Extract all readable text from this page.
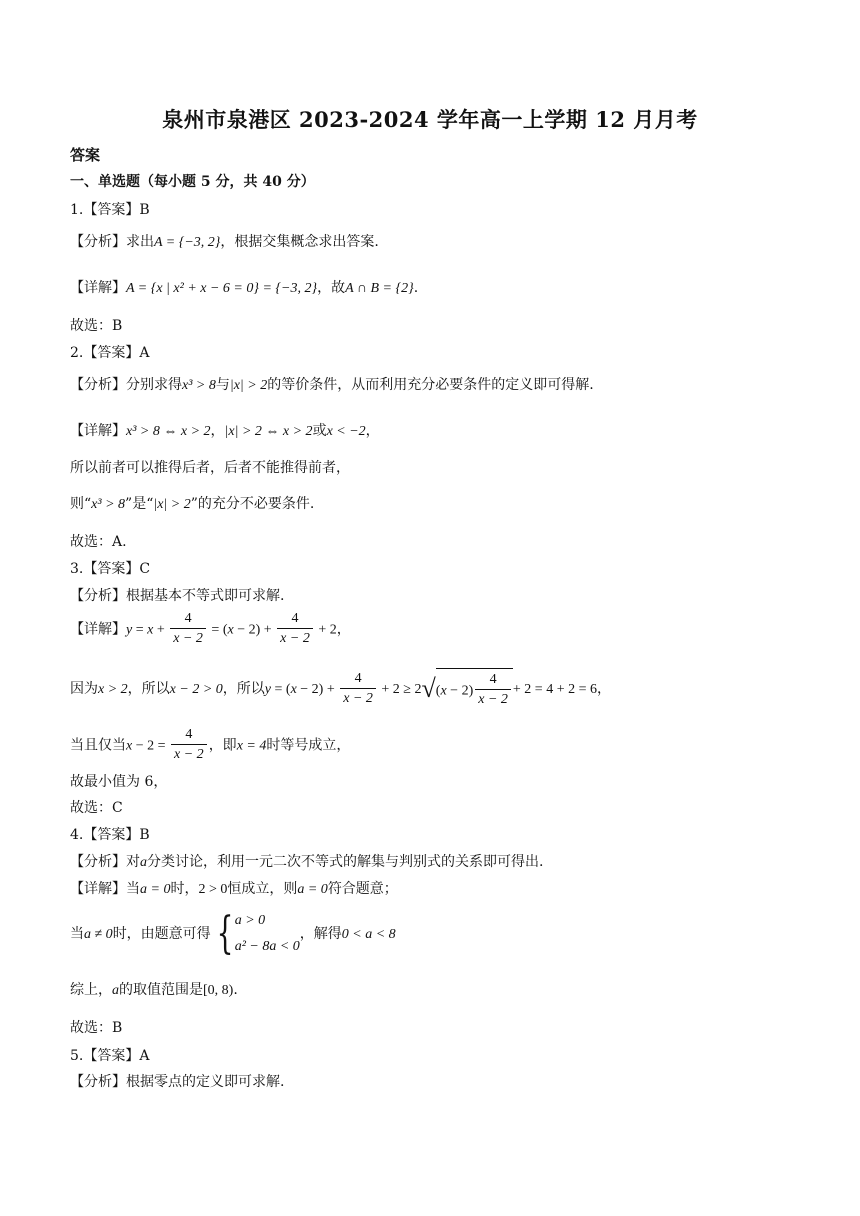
泉州市泉港区 2023-2024 学年高一上学期 12 月月考
答案
一、单选题（每小题 5 分，共 40 分）
1.【答案】B
【分析】求出A = {−3, 2}，根据交集概念求出答案.
【详解】A = {x | x² + x − 6 = 0} = {−3, 2}，故A ∩ B = {2}.
故选：B
2.【答案】A
【分析】分别求得x³ > 8与|x| > 2的等价条件，从而利用充分必要条件的定义即可得解.
【详解】x³ > 8 ⇔ x > 2，|x| > 2 ⇔ x > 2或x < −2，
所以前者可以推得后者，后者不能推得前者，
则“x³ > 8”是“|x| > 2”的充分不必要条件.
故选：A.
3.【答案】C
【分析】根据基本不等式即可求解.
【详解】$y = x + \frac{4}{x - 2} = (x - 2) + \frac{4}{x - 2} + 2$，
因为x > 2，所以x − 2 > 0，所以$y = (x - 2) + \frac{4}{x - 2} + 2 \ge 2√(x - 2) \frac{4}{x - 2} + 2 = 4 + 2 = 6$，
当且仅当$x - 2 = \frac{4}{x - 2}$ ，即x = 4时等号成立，
故最小值为 6，
故选：C
4.【答案】B
【分析】对a分类讨论，利用一元二次不等式的解集与判别式的关系即可得出.
【详解】当a = 0时，2 > 0恒成立，则a = 0符合题意；
当a ≠ 0时，由题意可得 { a > 0
a² − 8a < 0
，解得0 < a < 8
综上，a的取值范围是[0, 8).
故选：B
5.【答案】A
【分析】根据零点的定义即可求解.
